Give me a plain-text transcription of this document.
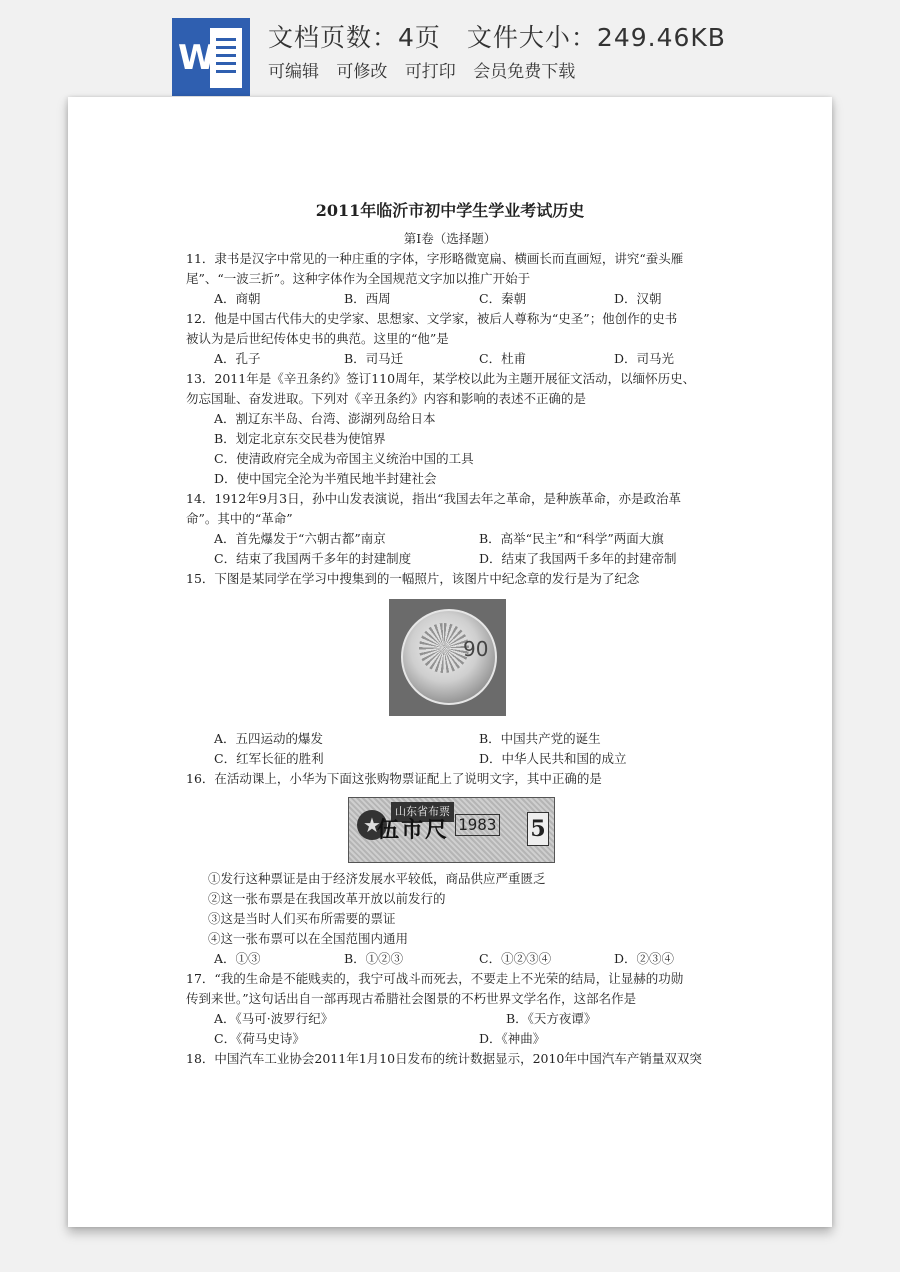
W
文档页数：4页 文件大小：249.46KB
可编辑 可修改 可打印 会员免费下载
2011年临沂市初中学生学业考试历史
第Ⅰ卷（选择题）
11．隶书是汉字中常见的一种庄重的字体，字形略微宽扁、横画长而直画短，讲究“蚕头雁
尾”、“一波三折”。这种字体作为全国规范文字加以推广开始于
A．商朝	B．西周	C．秦朝	D．汉朝
12．他是中国古代伟大的史学家、思想家、文学家，被后人尊称为“史圣”；他创作的史书
被认为是后世纪传体史书的典范。这里的“他”是
A．孔子	B．司马迁	C．杜甫	D．司马光
13．2011年是《辛丑条约》签订110周年，某学校以此为主题开展征文活动，以缅怀历史、
勿忘国耻、奋发进取。下列对《辛丑条约》内容和影响的表述不正确的是
A．割辽东半岛、台湾、澎湖列岛给日本
B．划定北京东交民巷为使馆界
C．使清政府完全成为帝国主义统治中国的工具
D．使中国完全沦为半殖民地半封建社会
14．1912年9月3日，孙中山发表演说，指出“我国去年之革命，是种族革命，亦是政治革
命”。其中的“革命”
A．首先爆发于“六朝古都”南京	B．高举“民主”和“科学”两面大旗
C．结束了我国两千多年的封建制度	D．结束了我国两千多年的封建帝制
15．下图是某同学在学习中搜集到的一幅照片，该图片中纪念章的发行是为了纪念
90
A．五四运动的爆发	B．中国共产党的诞生
C．红军长征的胜利	D．中华人民共和国的成立
16．在活动课上，小华为下面这张购物票证配上了说明文字，其中正确的是
★
山东省布票
伍市尺 1983 5
①发行这种票证是由于经济发展水平较低，商品供应严重匮乏
②这一张布票是在我国改革开放以前发行的
③这是当时人们买布所需要的票证
④这一张布票可以在全国范围内通用
A．①③	B．①②③	C．①②③④	D．②③④
17．“我的生命是不能贱卖的，我宁可战斗而死去，不要走上不光荣的结局，让显赫的功勋
传到来世。”这句话出自一部再现古希腊社会图景的不朽世界文学名作，这部名作是
A．《马可·波罗行纪》	B．《天方夜谭》
C．《荷马史诗》	D．《神曲》
18．中国汽车工业协会2011年1月10日发布的统计数据显示，2010年中国汽车产销量双双突
